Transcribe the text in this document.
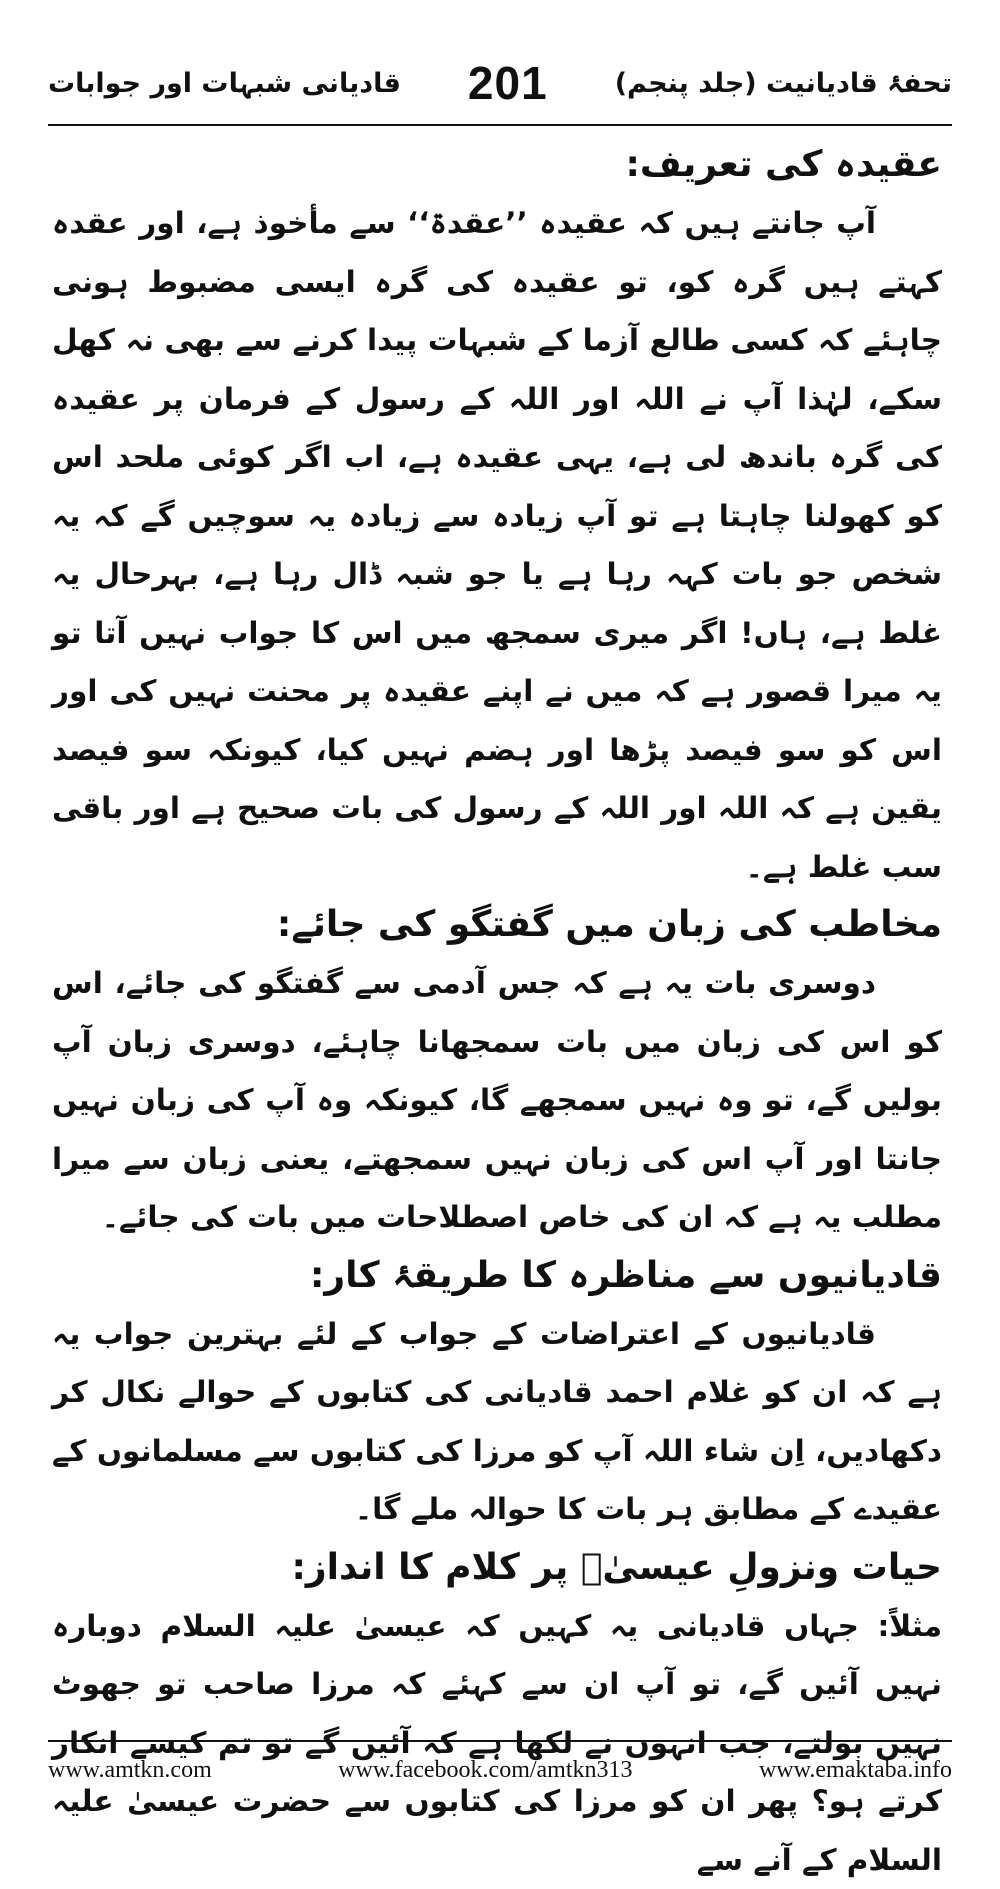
قادیانی شبہات اور جوابات 201 تحفۂ قادیانیت (جلد پنجم)
عقیدہ کی تعریف:

آپ جانتے ہیں کہ عقیدہ ’’عقدۃ‘‘ سے مأخوذ ہے، اور عقدہ کہتے ہیں گرہ کو، تو عقیدہ کی گرہ ایسی مضبوط ہونی چاہئے کہ کسی طالع آزما کے شبہات پیدا کرنے سے بھی نہ کھل سکے، لہٰذا آپ نے اللہ اور اللہ کے رسول کے فرمان پر عقیدہ کی گرہ باندھ لی ہے، یہی عقیدہ ہے، اب اگر کوئی ملحد اس کو کھولنا چاہتا ہے تو آپ زیادہ سے زیادہ یہ سوچیں گے کہ یہ شخص جو بات کہہ رہا ہے یا جو شبہ ڈال رہا ہے، بہرحال یہ غلط ہے، ہاں! اگر میری سمجھ میں اس کا جواب نہیں آتا تو یہ میرا قصور ہے کہ میں نے اپنے عقیدہ پر محنت نہیں کی اور اس کو سو فیصد پڑھا اور ہضم نہیں کیا، کیونکہ سو فیصد یقین ہے کہ اللہ اور اللہ کے رسول کی بات صحیح ہے اور باقی سب غلط ہے۔

مخاطب کی زبان میں گفتگو کی جائے:

دوسری بات یہ ہے کہ جس آدمی سے گفتگو کی جائے، اس کو اس کی زبان میں بات سمجھانا چاہئے، دوسری زبان آپ بولیں گے، تو وہ نہیں سمجھے گا، کیونکہ وہ آپ کی زبان نہیں جانتا اور آپ اس کی زبان نہیں سمجھتے، یعنی زبان سے میرا مطلب یہ ہے کہ ان کی خاص اصطلاحات میں بات کی جائے۔

قادیانیوں سے مناظرہ کا طریقۂ کار:

قادیانیوں کے اعتراضات کے جواب کے لئے بہترین جواب یہ ہے کہ ان کو غلام احمد قادیانی کی کتابوں کے حوالے نکال کر دکھادیں، اِن شاء اللہ آپ کو مرزا کی کتابوں سے مسلمانوں کے عقیدے کے مطابق ہر بات کا حوالہ ملے گا۔

حیات ونزولِ عیسیٰؑ پر کلام کا انداز:

مثلاً: جہاں قادیانی یہ کہیں کہ عیسیٰ علیہ السلام دوبارہ نہیں آئیں گے، تو آپ ان سے کہئے کہ مرزا صاحب تو جھوٹ نہیں بولتے، جب انہوں نے لکھا ہے کہ آئیں گے تو تم کیسے انکار کرتے ہو؟ پھر ان کو مرزا کی کتابوں سے حضرت عیسیٰ علیہ السلام کے آنے سے

www.amtkn.com	www.facebook.com/amtkn313	www.emaktaba.info
